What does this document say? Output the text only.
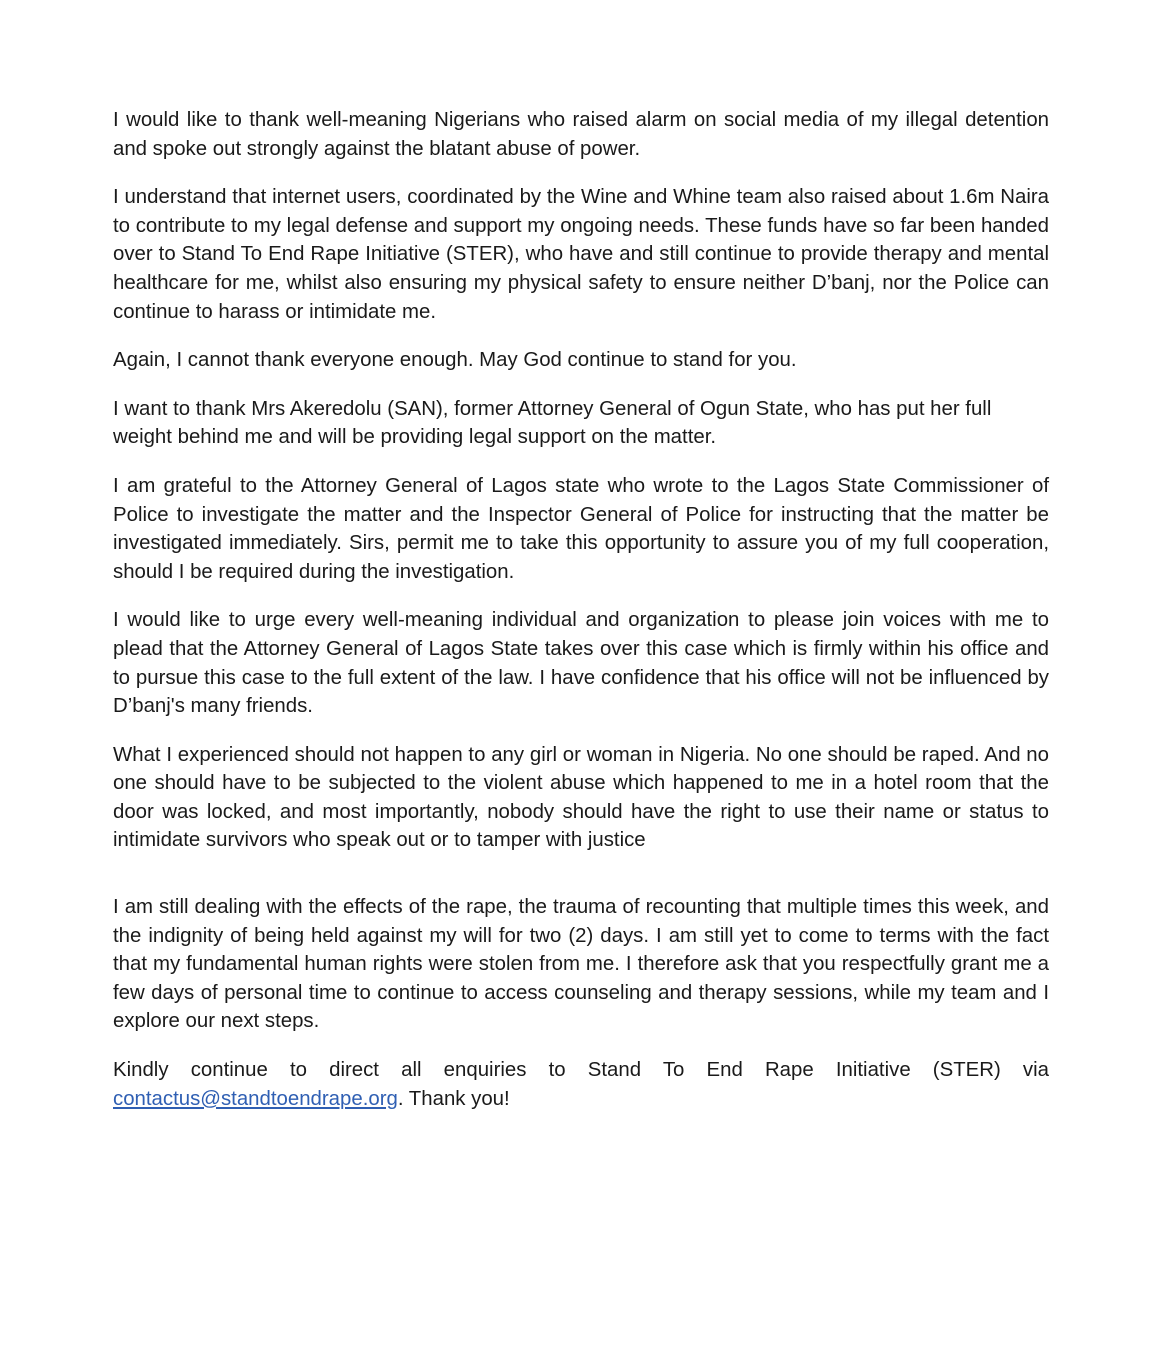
I would like to thank well-meaning Nigerians who raised alarm on social media of my illegal detention and spoke out strongly against the blatant abuse of power.

I understand that internet users, coordinated by the Wine and Whine team also raised about 1.6m Naira to contribute to my legal defense and support my ongoing needs. These funds have so far been handed over to Stand To End Rape Initiative (STER), who have and still continue to provide therapy and mental healthcare for me, whilst also ensuring my physical safety to ensure neither D’banj, nor the Police can continue to harass or intimidate me.

Again, I cannot thank everyone enough. May God continue to stand for you.

I want to thank Mrs Akeredolu (SAN), former Attorney General of Ogun State, who has put her full weight behind me and will be providing legal support on the matter.

I am grateful to the Attorney General of Lagos state who wrote to the Lagos State Commissioner of Police to investigate the matter and the Inspector General of Police for instructing that the matter be investigated immediately. Sirs, permit me to take this opportunity to assure you of my full cooperation, should I be required during the investigation.

I would like to urge every well-meaning individual and organization to please join voices with me to plead that the Attorney General of Lagos State takes over this case which is firmly within his office and to pursue this case to the full extent of the law. I have confidence that his office will not be influenced by D’banj's many friends.

What I experienced should not happen to any girl or woman in Nigeria. No one should be raped. And no one should have to be subjected to the violent abuse which happened to me in a hotel room that the door was locked, and most importantly, nobody should have the right to use their name or status to intimidate survivors who speak out or to tamper with justice

I am still dealing with the effects of the rape, the trauma of recounting that multiple times this week, and the indignity of being held against my will for two (2) days. I am still yet to come to terms with the fact that my fundamental human rights were stolen from me. I therefore ask that you respectfully grant me a few days of personal time to continue to access counseling and therapy sessions, while my team and I explore our next steps.

Kindly continue to direct all enquiries to Stand To End Rape Initiative (STER) via contactus@standtoendrape.org. Thank you!
